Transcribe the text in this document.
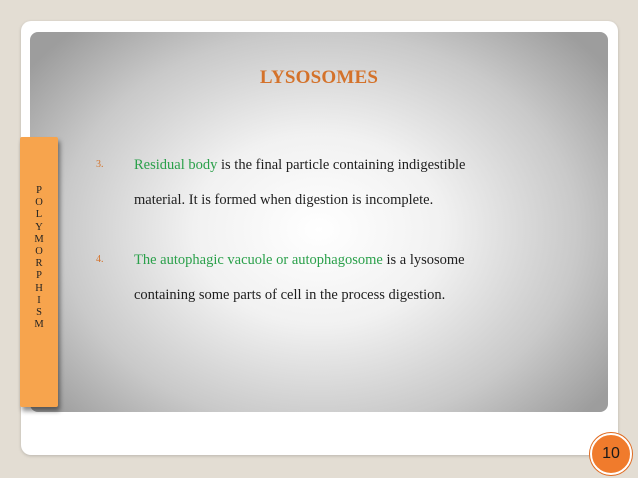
LYSOSOMES
P
O
L
Y
M
O
R
P
H
I
S
M
3. Residual body is the final particle containing indigestible
material. It is formed when digestion is incomplete.
4. The autophagic vacuole or autophagosome is a lysosome
containing some parts of cell in the process digestion.
10
